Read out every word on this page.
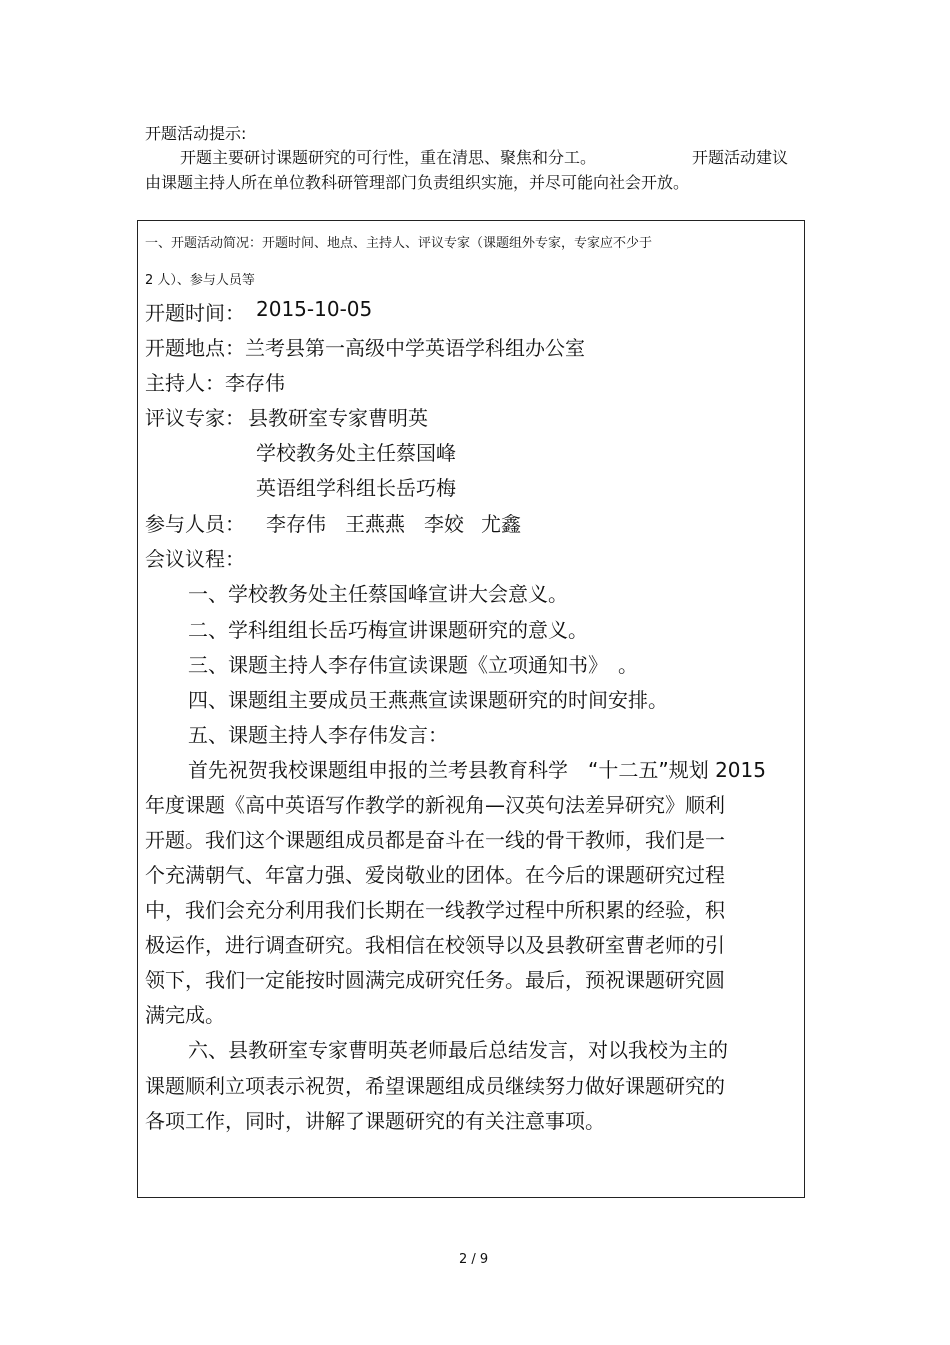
开题活动提示:
开题主要研讨课题研究的可行性，重在清思、聚焦和分工。	开题活动建议
由课题主持人所在单位教科研管理部门负责组织实施，并尽可能向社会开放。
一、开题活动简况：开题时间、地点、主持人、评议专家（课题组外专家，专家应不少于
2 人）、参与人员等
开题时间： 2015-10-05
开题地点：兰考县第一高级中学英语学科组办公室
主持人：李存伟
评议专家： 县教研室专家曹明英
学校教务处主任蔡国峰
英语组学科组长岳巧梅
参与人员： 李存伟 王燕燕 李姣 尤鑫
会议议程：
一、学校教务处主任蔡国峰宣讲大会意义。
二、学科组组长岳巧梅宣讲课题研究的意义。
三、课题主持人李存伟宣读课题《立项通知书》　。
四、课题组主要成员王燕燕宣读课题研究的时间安排。
五、课题主持人李存伟发言：
首先祝贺我校课题组申报的兰考县教育科学　“十二五”规划 2015
年度课题《高中英语写作教学的新视角—汉英句法差异研究》顺利
开题。我们这个课题组成员都是奋斗在一线的骨干教师，我们是一
个充满朝气、年富力强、爱岗敬业的团体。在今后的课题研究过程
中，我们会充分利用我们长期在一线教学过程中所积累的经验，积
极运作，进行调查研究。我相信在校领导以及县教研室曹老师的引
领下，我们一定能按时圆满完成研究任务。最后，预祝课题研究圆
满完成。
六、县教研室专家曹明英老师最后总结发言，对以我校为主的
课题顺利立项表示祝贺，希望课题组成员继续努力做好课题研究的
各项工作，同时，讲解了课题研究的有关注意事项。
2 / 9
